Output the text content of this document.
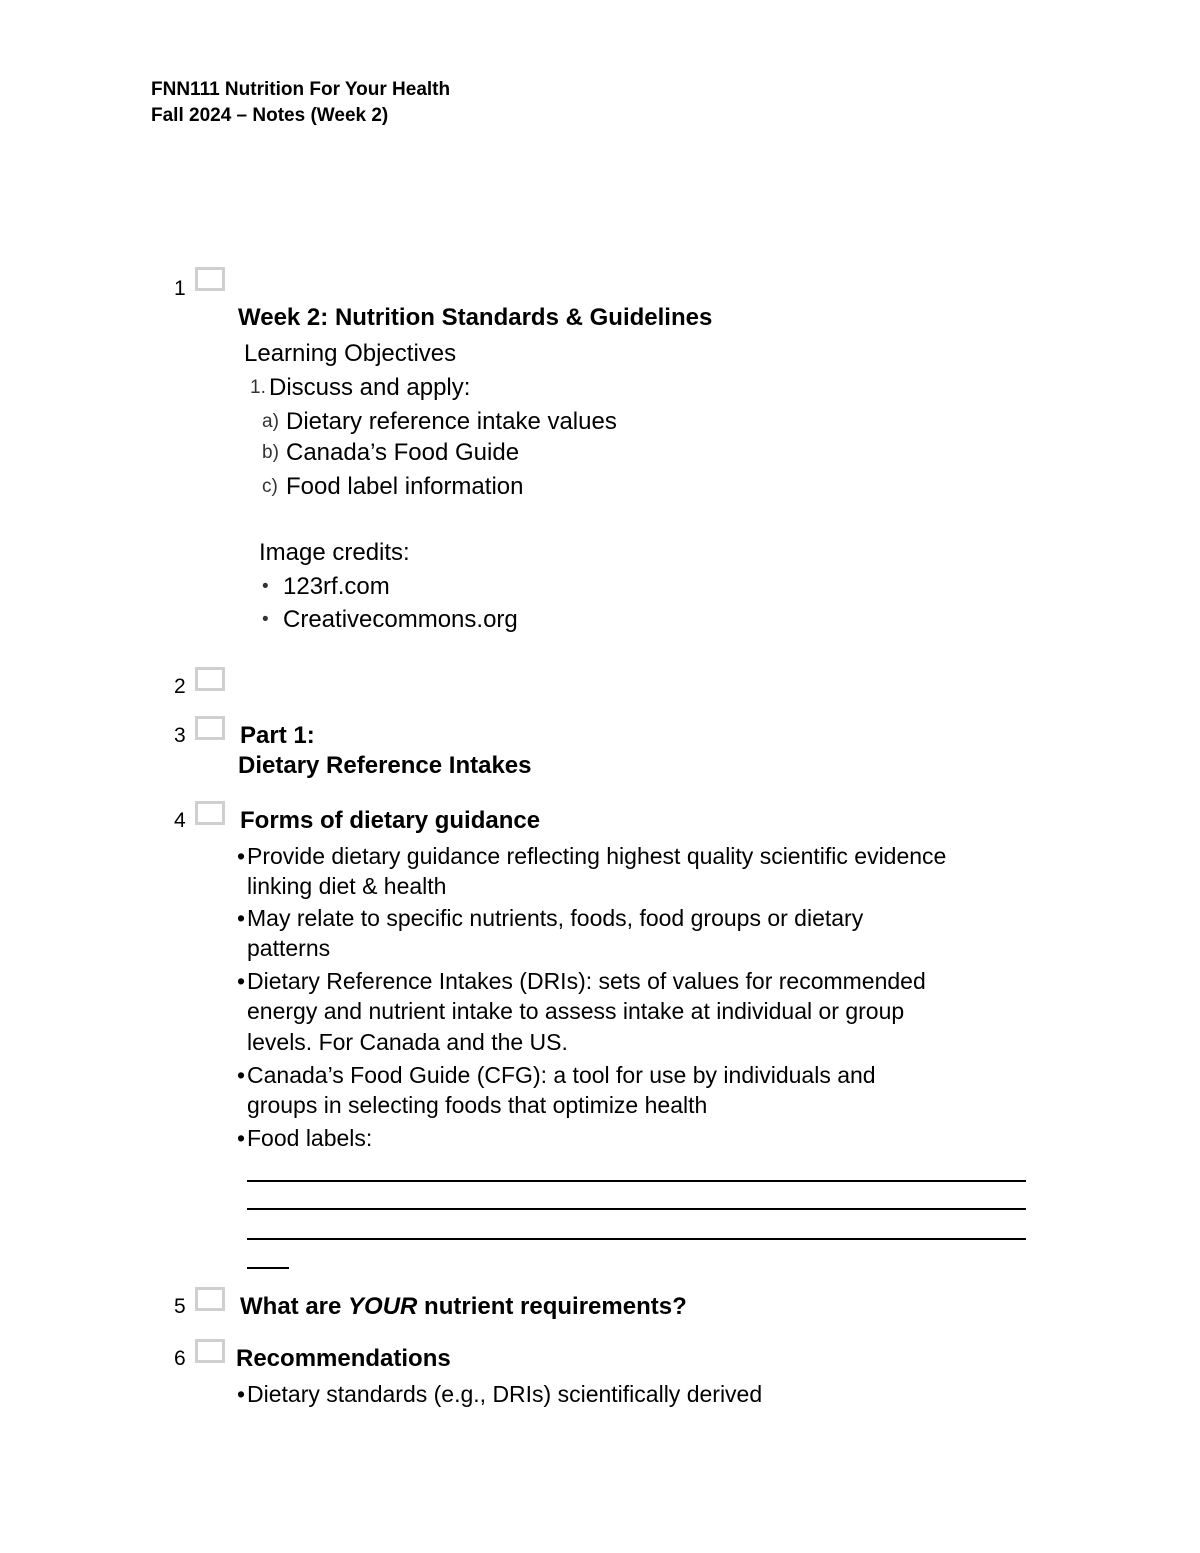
FNN111 Nutrition For Your Health
Fall 2024 – Notes (Week 2)
1
Week 2: Nutrition Standards & Guidelines
Learning Objectives
1. Discuss and apply:
a) Dietary reference intake values
b) Canada’s Food Guide
c) Food label information
Image credits:
• 123rf.com
• Creativecommons.org
2
3 Part 1:
Dietary Reference Intakes
4 Forms of dietary guidance
• Provide dietary guidance reflecting highest quality scientific evidence
linking diet & health
• May relate to specific nutrients, foods, food groups or dietary
patterns
• Dietary Reference Intakes (DRIs): sets of values for recommended
energy and nutrient intake to assess intake at individual or group
levels. For Canada and the US.
• Canada’s Food Guide (CFG): a tool for use by individuals and
groups in selecting foods that optimize health
• Food labels:
5 What are YOUR nutrient requirements?
6 Recommendations
• Dietary standards (e.g., DRIs) scientifically derived
